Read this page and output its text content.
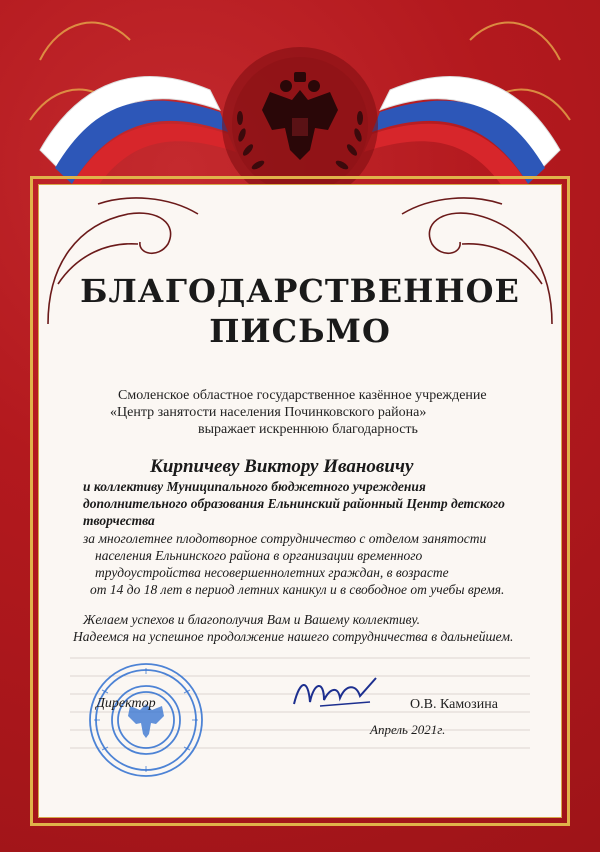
БЛАГОДАРСТВЕННОЕ
ПИСЬМО
Смоленское областное государственное казённое учреждение
«Центр занятости населения Починковского района»
выражает искреннюю благодарность
Кирпичеву Виктору Ивановичу
и коллективу Муниципального бюджетного учреждения
дополнительного образования Ельнинский районный Центр детского
творчества
за многолетнее плодотворное сотрудничество с отделом занятости
населения Ельнинского района в организации временного
трудоустройства несовершеннолетних граждан, в возрасте
от 14 до 18 лет в период летних каникул и в свободное от учебы время.
Желаем успехов и благополучия Вам и Вашему коллективу.
Надеемся на успешное продолжение нашего сотрудничества в дальнейшем.
Директор	О.В. Камозина
Апрель 2021г.
